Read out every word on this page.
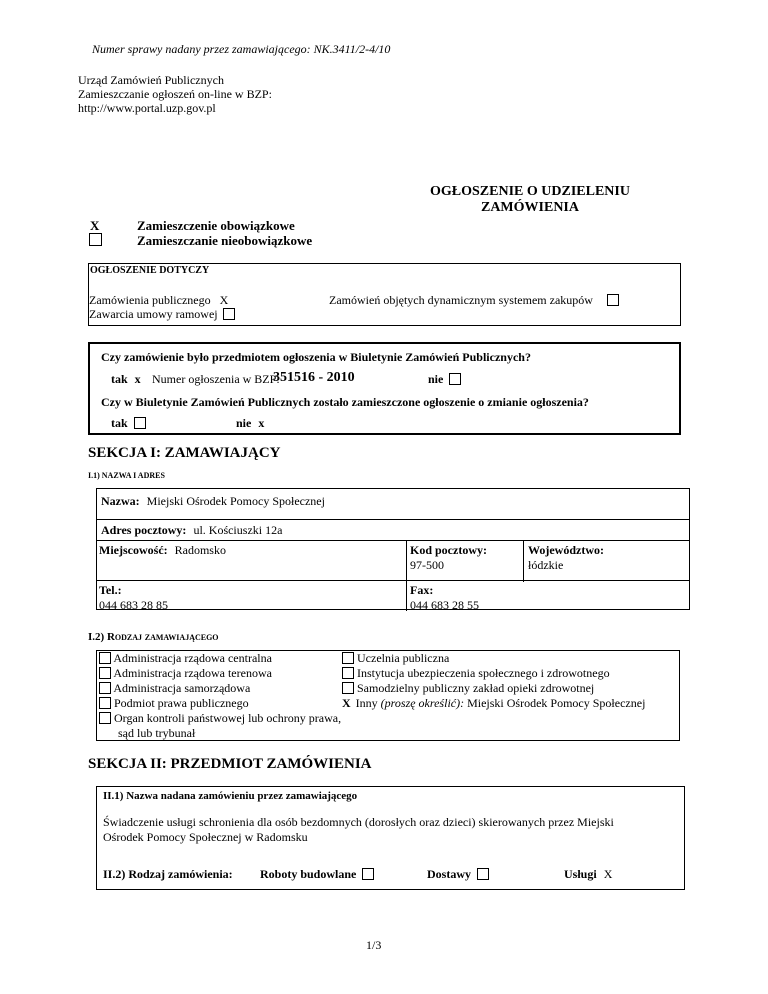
Numer sprawy nadany przez zamawiającego: NK.3411/2-4/10
Urząd Zamówień Publicznych
Zamieszczanie ogłoszeń on-line w BZP:
http://www.portal.uzp.gov.pl
OGŁOSZENIE O UDZIELENIU
ZAMÓWIENIA
X	Zamieszczenie obowiązkowe
Zamieszczanie nieobowiązkowe
OGŁOSZENIE DOTYCZY
Zamówienia publicznego X
Zawarcia umowy ramowej
Zamówień objętych dynamicznym systemem zakupów
Czy zamówienie było przedmiotem ogłoszenia w Biuletynie Zamówień Publicznych?
tak x Numer ogłoszenia w BZP:
351516 - 2010	nie
Czy w Biuletynie Zamówień Publicznych zostało zamieszczone ogłoszenie o zmianie ogłoszenia?
tak	nie x
SEKCJA I: ZAMAWIAJĄCY
I.1) NAZWA I ADRES
Nazwa: Miejski Ośrodek Pomocy Społecznej
Adres pocztowy: ul. Kościuszki 12a
Miejscowość: Radomsko	Kod pocztowy:
97-500
Województwo:
łódzkie
Tel.:
044 683 28 85
Fax:
044 683 28 55
I.2) Rodzaj zamawiającego
Administracja rządowa centralna
Administracja rządowa terenowa
Administracja samorządowa
Podmiot prawa publicznego
Organ kontroli państwowej lub ochrony prawa,
sąd lub trybunał
Uczelnia publiczna
Instytucja ubezpieczenia społecznego i zdrowotnego
Samodzielny publiczny zakład opieki zdrowotnej
X Inny (proszę określić): Miejski Ośrodek Pomocy Społecznej
SEKCJA II: PRZEDMIOT ZAMÓWIENIA
II.1) Nazwa nadana zamówieniu przez zamawiającego
Świadczenie usługi schronienia dla osób bezdomnych (dorosłych oraz dzieci) skierowanych przez Miejski
Ośrodek Pomocy Społecznej w Radomsku
II.2) Rodzaj zamówienia: Roboty budowlane	Dostawy	Usługi X
1/3
